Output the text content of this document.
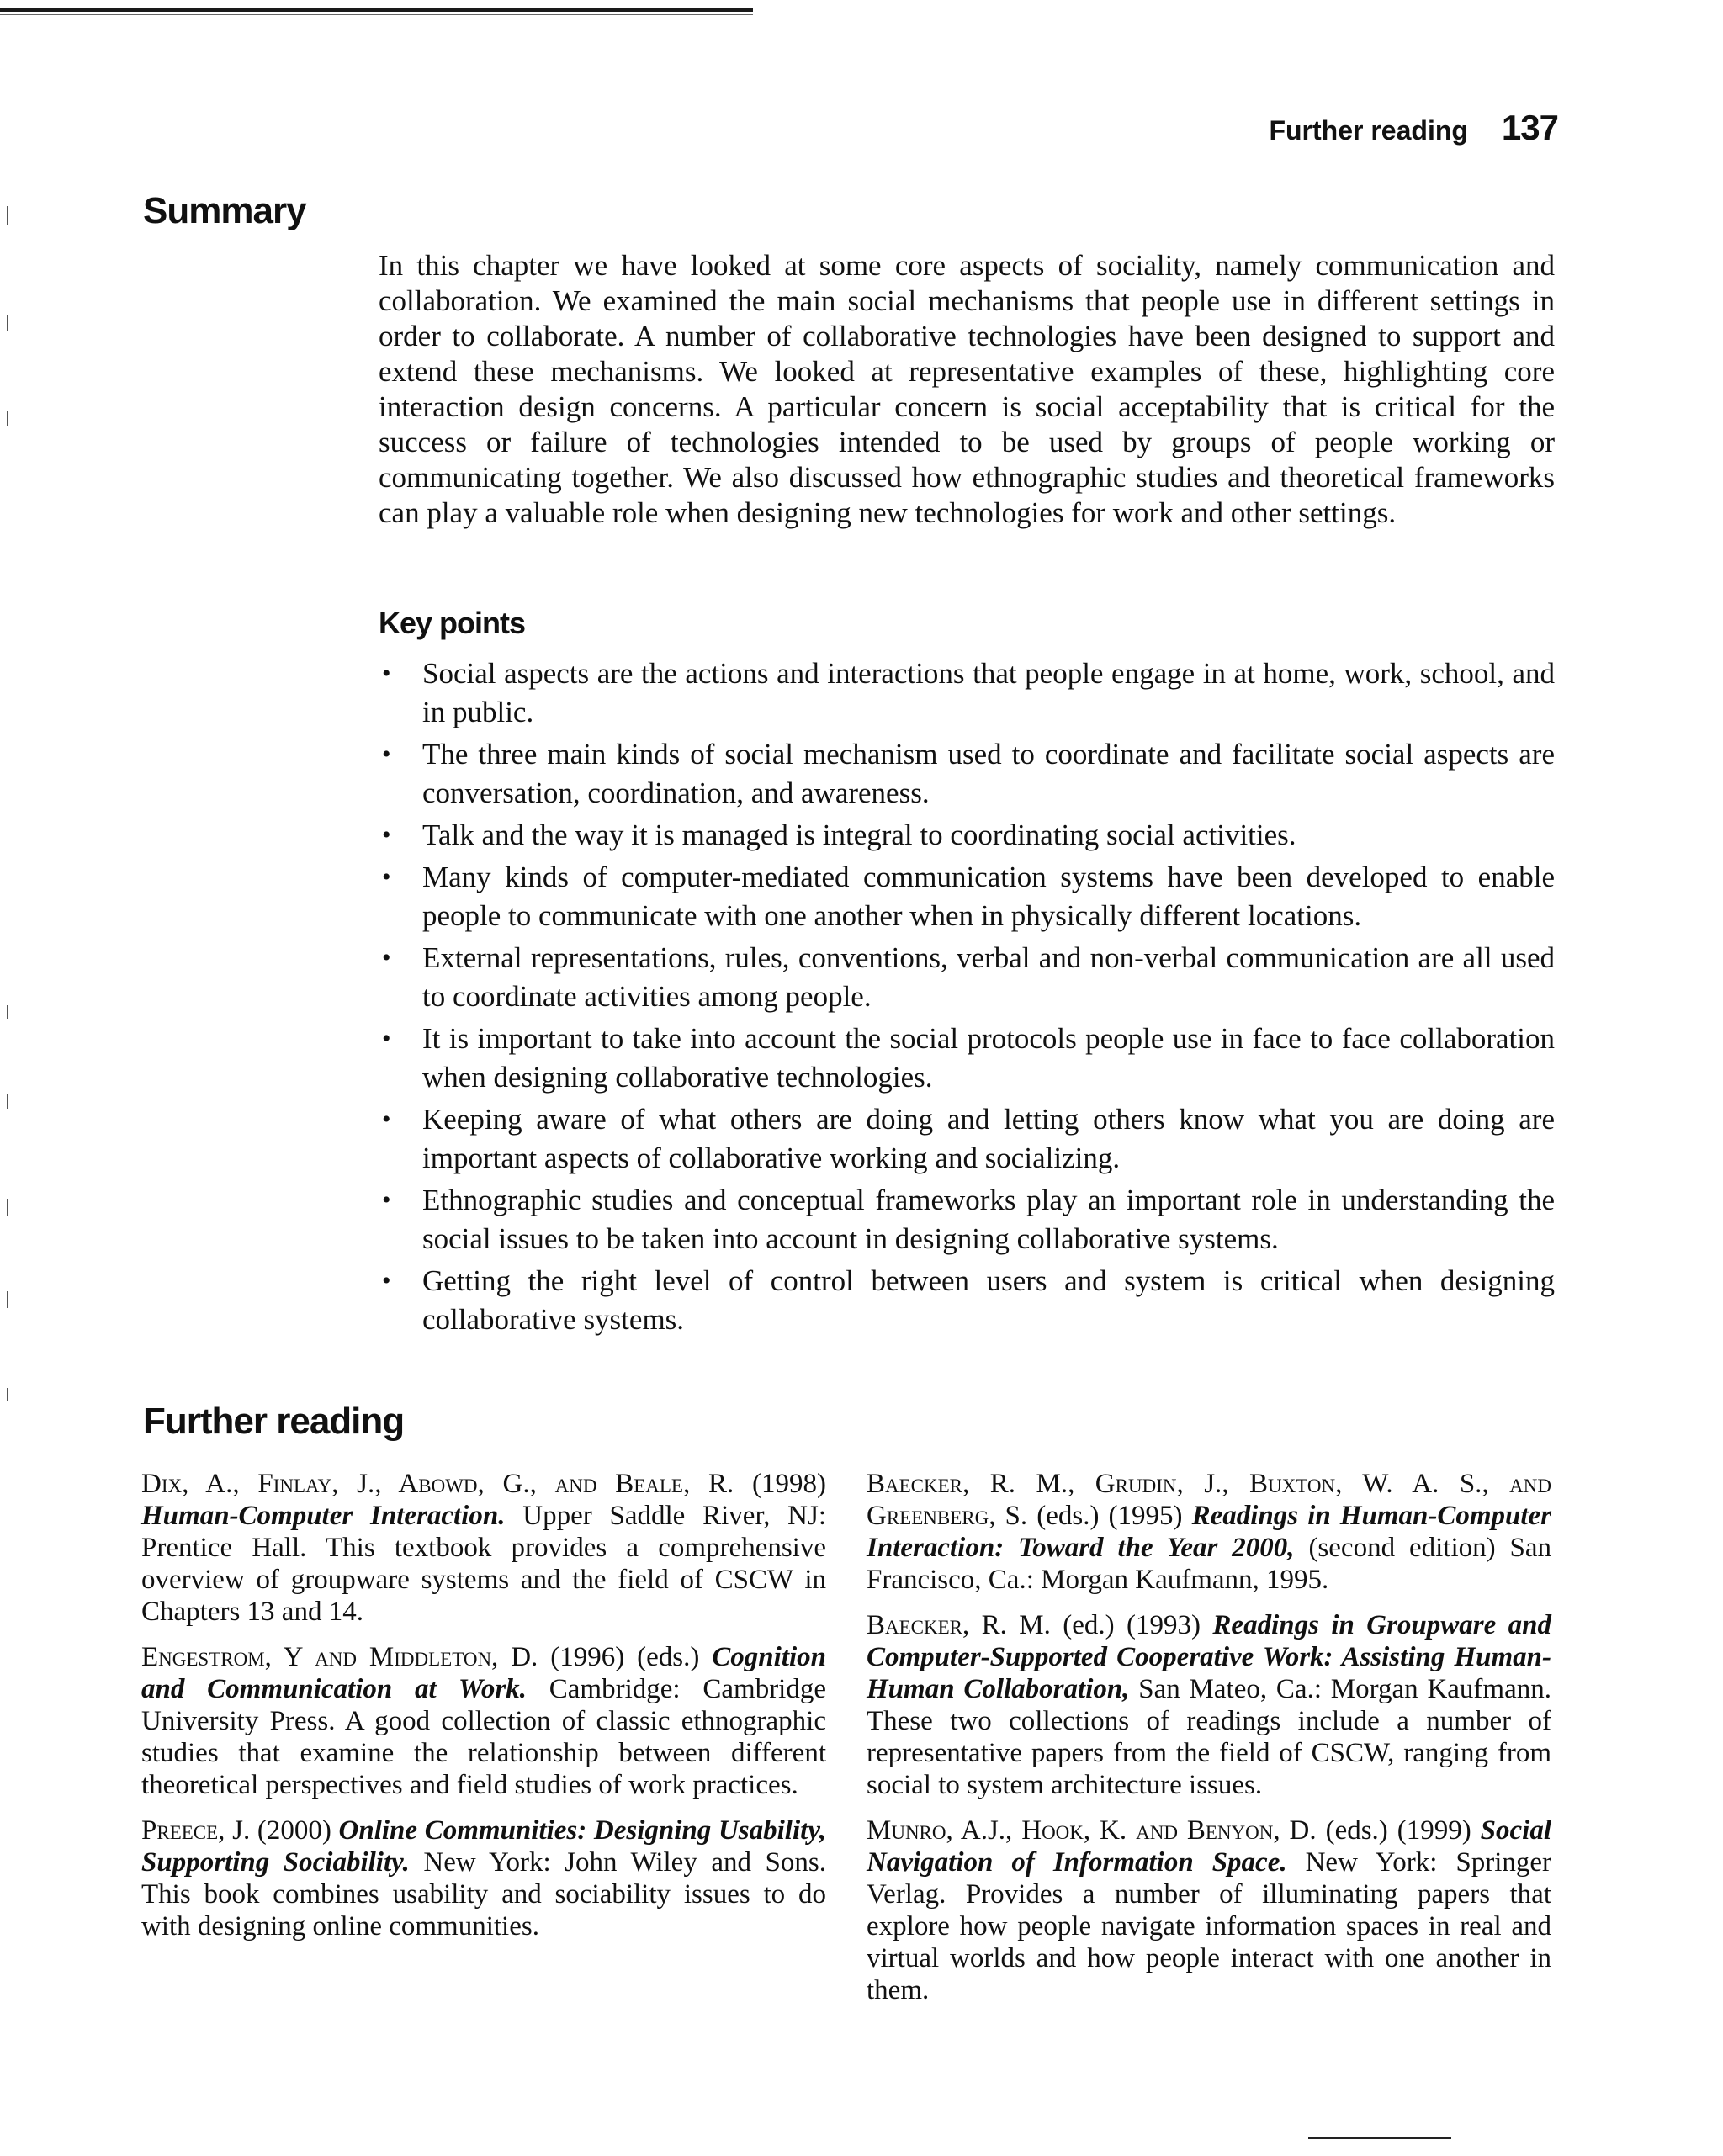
Further reading 137
Summary

In this chapter we have looked at some core aspects of sociality, namely communication and collaboration. We examined the main social mechanisms that people use in different settings in order to collaborate. A number of collaborative technologies have been designed to support and extend these mechanisms. We looked at representative examples of these, highlighting core interaction design concerns. A particular concern is social acceptability that is critical for the success or failure of technologies intended to be used by groups of people working or communicating together. We also discussed how ethnographic studies and theoretical frameworks can play a valuable role when designing new technologies for work and other settings.

Key points
• Social aspects are the actions and interactions that people engage in at home, work, school, and in public.
• The three main kinds of social mechanism used to coordinate and facilitate social aspects are conversation, coordination, and awareness.
• Talk and the way it is managed is integral to coordinating social activities.
• Many kinds of computer-mediated communication systems have been developed to enable people to communicate with one another when in physically different locations.
• External representations, rules, conventions, verbal and non-verbal communication are all used to coordinate activities among people.
• It is important to take into account the social protocols people use in face to face collaboration when designing collaborative technologies.
• Keeping aware of what others are doing and letting others know what you are doing are important aspects of collaborative working and socializing.
• Ethnographic studies and conceptual frameworks play an important role in understanding the social issues to be taken into account in designing collaborative systems.
• Getting the right level of control between users and system is critical when designing collaborative systems.
Further reading

Dix, A., Finlay, J., Abowd, G., and Beale, R. (1998) Human-Computer Interaction. Upper Saddle River, NJ: Prentice Hall. This textbook provides a comprehensive overview of groupware systems and the field of CSCW in Chapters 13 and 14.

Engestrom, Y and Middleton, D. (1996) (eds.) Cognition and Communication at Work. Cambridge: Cambridge University Press. A good collection of classic ethnographic studies that examine the relationship between different theoretical perspectives and field studies of work practices.

Preece, J. (2000) Online Communities: Designing Usability, Supporting Sociability. New York: John Wiley and Sons. This book combines usability and sociability issues to do with designing online communities.

Baecker, R. M., Grudin, J., Buxton, W. A. S., and Greenberg, S. (eds.) (1995) Readings in Human-Computer Interaction: Toward the Year 2000, (second edition) San Francisco, Ca.: Morgan Kaufmann, 1995.

Baecker, R. M. (ed.) (1993) Readings in Groupware and Computer-Supported Cooperative Work: Assisting Human-Human Collaboration, San Mateo, Ca.: Morgan Kaufmann. These two collections of readings include a number of representative papers from the field of CSCW, ranging from social to system architecture issues.

Munro, A.J., Hook, K. and Benyon, D. (eds.) (1999) Social Navigation of Information Space. New York: Springer Verlag. Provides a number of illuminating papers that explore how people navigate information spaces in real and virtual worlds and how people interact with one another in them.
